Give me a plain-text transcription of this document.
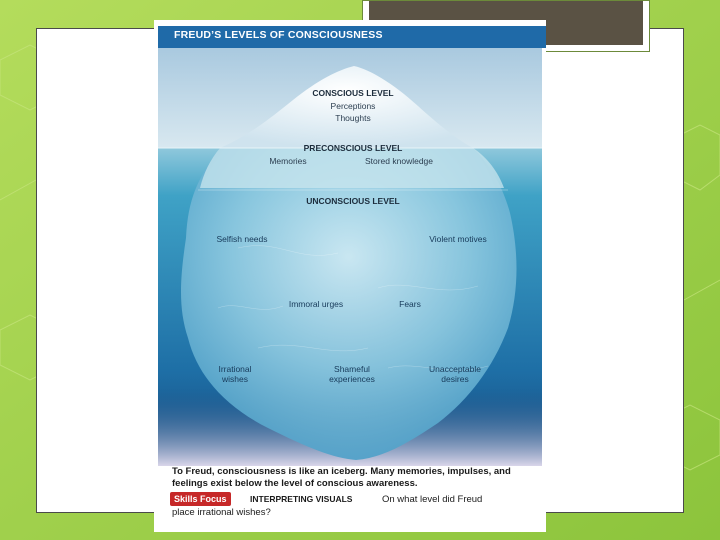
FREUD’S LEVELS OF CONSCIOUSNESS
CONSCIOUS LEVEL
Perceptions
Thoughts
PRECONSCIOUS LEVEL
Memories	Stored knowledge
UNCONSCIOUS LEVEL
Selfish needs	Violent motives
Immoral urges	Fears
Irrational wishes
Shameful experiences
Unacceptable desires
To Freud, consciousness is like an iceberg. Many memories, impulses, and feelings exist below the level of conscious awareness.
Skills Focus	INTERPRETING VISUALS	On what level did Freud
place irrational wishes?
